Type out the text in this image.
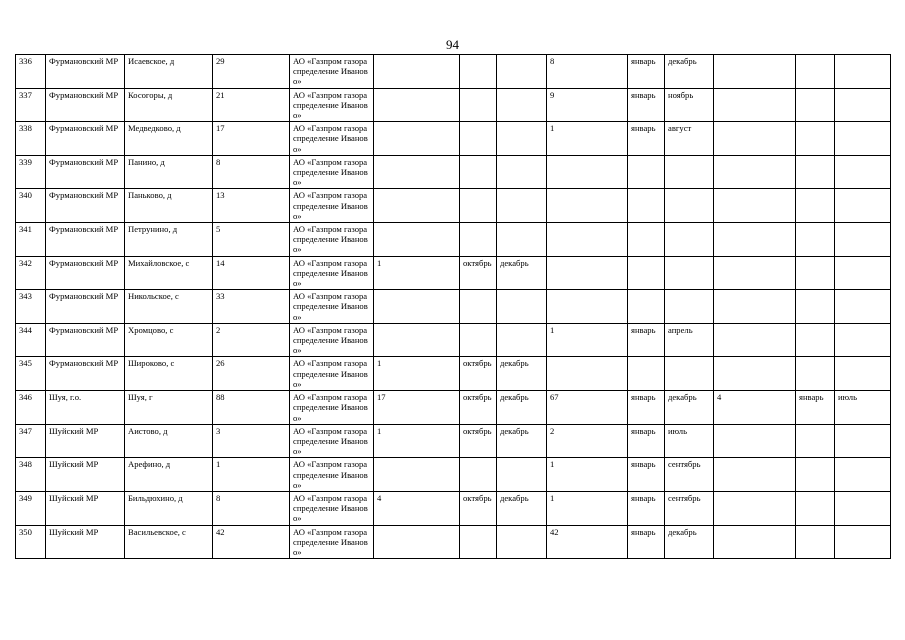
94
336	Фурмановский МР	Исаевское, д	29	АО «Газпром газораспределение Иваново»				8	январь	декабрь			
337	Фурмановский МР	Косогоры, д	21	АО «Газпром газораспределение Иваново»				9	январь	ноябрь			
338	Фурмановский МР	Медведково, д	17	АО «Газпром газораспределение Иваново»				1	январь	август			
339	Фурмановский МР	Панино, д	8	АО «Газпром газораспределение Иваново»									
340	Фурмановский МР	Паньково, д	13	АО «Газпром газораспределение Иваново»									
341	Фурмановский МР	Петрунино, д	5	АО «Газпром газораспределение Иваново»									
342	Фурмановский МР	Михайловское, с	14	АО «Газпром газораспределение Иваново»	1	октябрь	декабрь						
343	Фурмановский МР	Никольское, с	33	АО «Газпром газораспределение Иваново»									
344	Фурмановский МР	Хромцово, с	2	АО «Газпром газораспределение Иваново»				1	январь	апрель			
345	Фурмановский МР	Широково, с	26	АО «Газпром газораспределение Иваново»	1	октябрь	декабрь						
346	Шуя, г.о.	Шуя, г	88	АО «Газпром газораспределение Иваново»	17	октябрь	декабрь	67	январь	декабрь	4	январь	июль
347	Шуйский МР	Аистово, д	3	АО «Газпром газораспределение Иваново»	1	октябрь	декабрь	2	январь	июль			
348	Шуйский МР	Арефино, д	1	АО «Газпром газораспределение Иваново»				1	январь	сентябрь			
349	Шуйский МР	Бильдюхино, д	8	АО «Газпром газораспределение Иваново»	4	октябрь	декабрь	1	январь	сентябрь			
350	Шуйский МР	Васильевское, с	42	АО «Газпром газораспределение Иваново»				42	январь	декабрь			
